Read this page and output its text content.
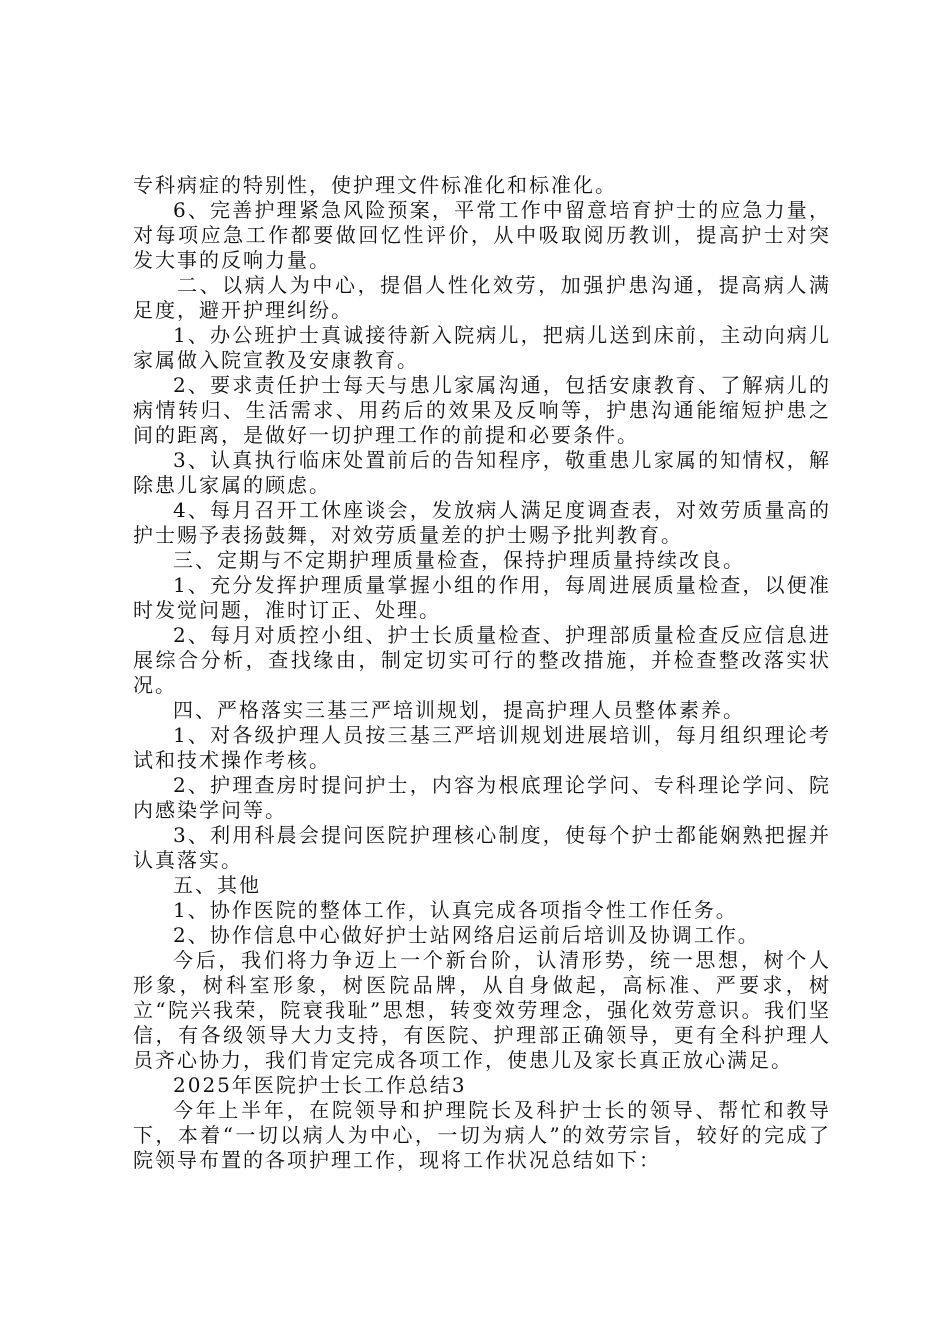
专科病症的特别性，使护理文件标准化和标准化。

6、完善护理紧急风险预案，平常工作中留意培育护士的应急力量，对每项应急工作都要做回忆性评价，从中吸取阅历教训，提高护士对突发大事的反响力量。

二、以病人为中心，提倡人性化效劳，加强护患沟通，提高病人满足度，避开护理纠纷。

1、办公班护士真诚接待新入院病儿，把病儿送到床前，主动向病儿家属做入院宣教及安康教育。

2、要求责任护士每天与患儿家属沟通，包括安康教育、了解病儿的病情转归、生活需求、用药后的效果及反响等，护患沟通能缩短护患之间的距离，是做好一切护理工作的前提和必要条件。

3、认真执行临床处置前后的告知程序，敬重患儿家属的知情权，解除患儿家属的顾虑。

4、每月召开工休座谈会，发放病人满足度调查表，对效劳质量高的护士赐予表扬鼓舞，对效劳质量差的护士赐予批判教育。

三、定期与不定期护理质量检查，保持护理质量持续改良。

1、充分发挥护理质量掌握小组的作用，每周进展质量检查，以便准时发觉问题，准时订正、处理。

2、每月对质控小组、护士长质量检查、护理部质量检查反应信息进展综合分析，查找缘由，制定切实可行的整改措施，并检查整改落实状况。

四、严格落实三基三严培训规划，提高护理人员整体素养。

1、对各级护理人员按三基三严培训规划进展培训，每月组织理论考试和技术操作考核。

2、护理查房时提问护士，内容为根底理论学问、专科理论学问、院内感染学问等。

3、利用科晨会提问医院护理核心制度，使每个护士都能娴熟把握并认真落实。

五、其他

1、协作医院的整体工作，认真完成各项指令性工作任务。

2、协作信息中心做好护士站网络启运前后培训及协调工作。

今后，我们将力争迈上一个新台阶，认清形势，统一思想，树个人形象，树科室形象，树医院品牌，从自身做起，高标准、严要求，树立“院兴我荣，院衰我耻”思想，转变效劳理念，强化效劳意识。我们坚信，有各级领导大力支持，有医院、护理部正确领导，更有全科护理人员齐心协力，我们肯定完成各项工作，使患儿及家长真正放心满足。

2025年医院护士长工作总结3

今年上半年，在院领导和护理院长及科护士长的领导、帮忙和教导下，本着“一切以病人为中心，一切为病人”的效劳宗旨，较好的完成了院领导布置的各项护理工作，现将工作状况总结如下：
